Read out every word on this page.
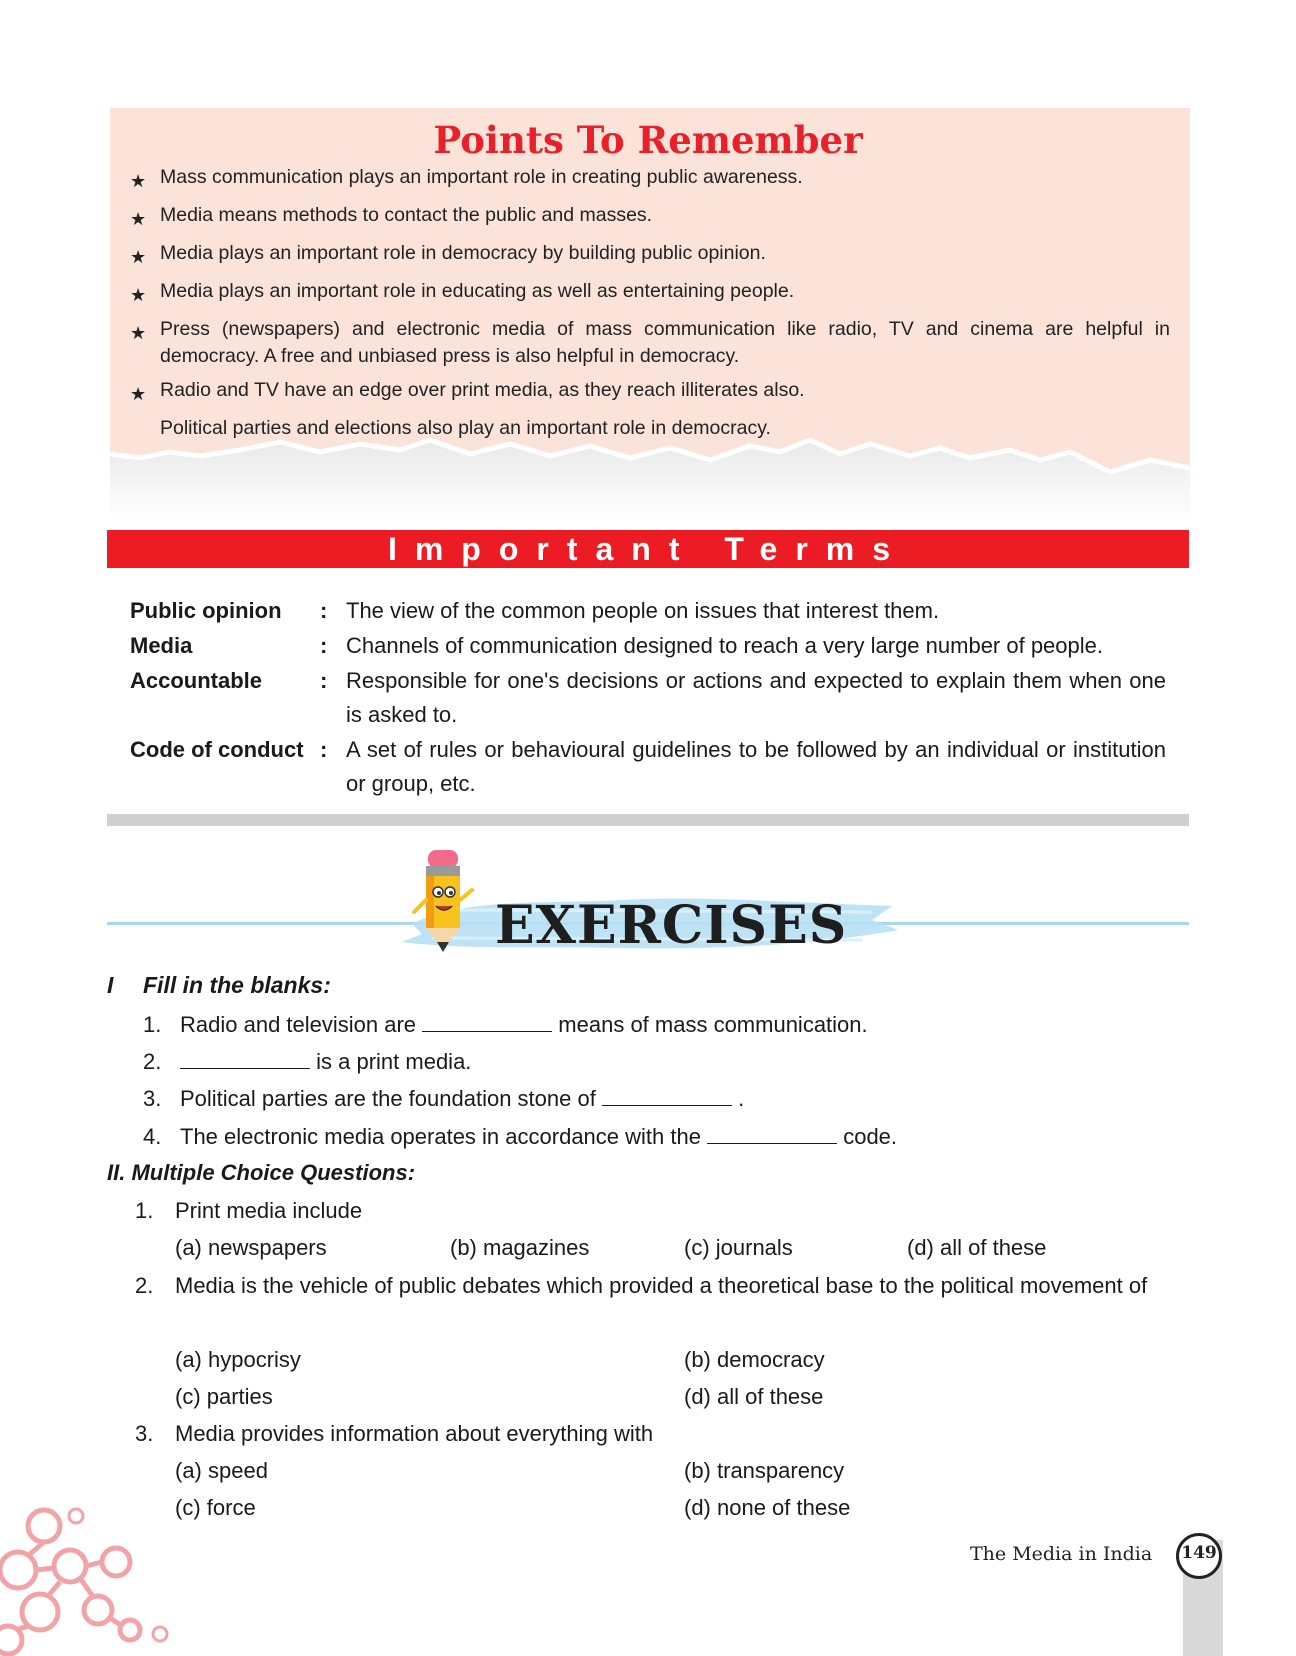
Points To Remember
★ Mass communication plays an important role in creating public awareness.
★ Media means methods to contact the public and masses.
★ Media plays an important role in democracy by building public opinion.
★ Media plays an important role in educating as well as entertaining people.
★ Press (newspapers) and electronic media of mass communication like radio, TV and cinema are helpful in democracy. A free and unbiased press is also helpful in democracy.
★ Radio and TV have an edge over print media, as they reach illiterates also.
Political parties and elections also play an important role in democracy.
Important Terms
Public opinion	: The view of the common people on issues that interest them.
Media	: Channels of communication designed to reach a very large number of people.
Accountable	: Responsible for one's decisions or actions and expected to explain them when one is asked to.
Code of conduct : A set of rules or behavioural guidelines to be followed by an individual or institution or group, etc.
EXERCISES
I Fill in the blanks:
1. Radio and television are	means of mass communication.
2.	is a print media.
3. Political parties are the foundation stone of	.
4. The electronic media operates in accordance with the	code.
II. Multiple Choice Questions:
1. Print media include
(a) newspapers	(b) magazines	(c) journals	(d) all of these
2. Media is the vehicle of public debates which provided a theoretical base to the political movement of
(a) hypocrisy	(b) democracy
(c) parties	(d) all of these
3. Media provides information about everything with
(a) speed	(b) transparency
(c) force	(d) none of these
The Media in India	149
